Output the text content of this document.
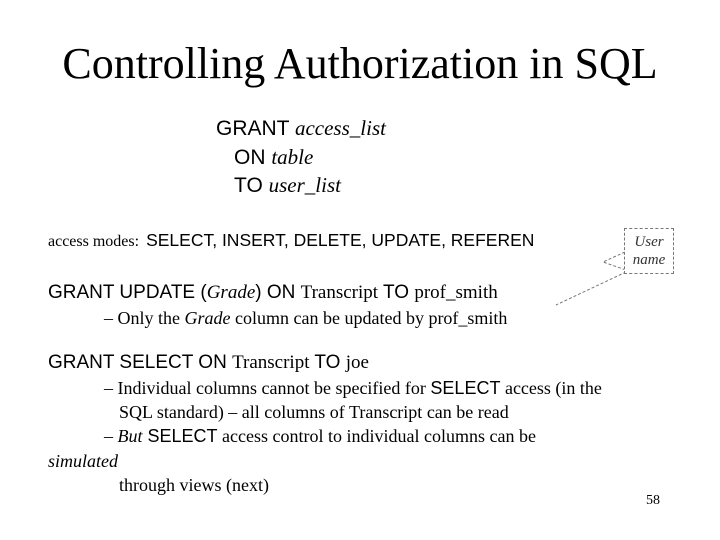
Controlling Authorization in SQL
GRANT access_list
ON table
TO user_list
access modes: SELECT, INSERT, DELETE, UPDATE, REFEREN	User
name
GRANT UPDATE (Grade) ON Transcript TO prof_smith
– Only the Grade column can be updated by prof_smith
GRANT SELECT ON Transcript TO joe
– Individual columns cannot be specified for SELECT access (in the
SQL standard) – all columns of Transcript can be read
– But SELECT access control to individual columns can be
simulated
through views (next)
58
